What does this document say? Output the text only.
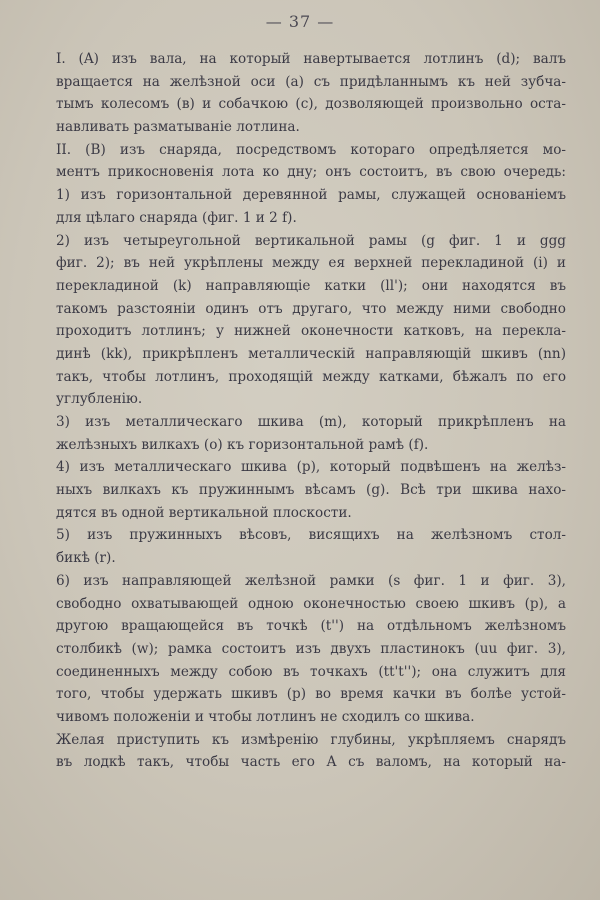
— 37 —
I. (A) изъ вала, на который навертывается лотлинъ (d); валъ
вращается на желѣзной оси (а) съ придѣланнымъ къ ней зубча-
тымъ колесомъ (в) и собачкою (с), дозволяющей произвольно оста-
навливать разматываніе лотлина.
II. (B) изъ снаряда, посредствомъ котораго опредѣляется мо-
ментъ прикосновенія лота ко дну; онъ состоитъ, въ свою очередь:
1) изъ горизонтальной деревянной рамы, служащей основаніемъ
для цѣлаго снаряда (фиг. 1 и 2 f).
2) изъ четыреугольной вертикальной рамы (g фиг. 1 и ggg
фиг. 2); въ ней укрѣплены между ея верхней перекладиной (i) и
перекладиной (k) направляющіе катки (ll'); они находятся въ
такомъ разстояніи одинъ отъ другаго, что между ними свободно
проходитъ лотлинъ; у нижней оконечности катковъ, на перекла-
динѣ (kk), прикрѣпленъ металлическій направляющій шкивъ (nn)
такъ, чтобы лотлинъ, проходящій между катками, бѣжалъ по его
углубленію.
3) изъ металлическаго шкива (m), который прикрѣпленъ на
желѣзныхъ вилкахъ (о) къ горизонтальной рамѣ (f).
4) изъ металлическаго шкива (р), который подвѣшенъ на желѣз-
ныхъ вилкахъ къ пружиннымъ вѣсамъ (g). Всѣ три шкива нахо-
дятся въ одной вертикальной плоскости.
5) изъ пружинныхъ вѣсовъ, висящихъ на желѣзномъ стол-
бикѣ (r).
6) изъ направляющей желѣзной рамки (s фиг. 1 и фиг. 3),
свободно охватывающей одною оконечностью своею шкивъ (р), а
другою вращающейся въ точкѣ (t'') на отдѣльномъ желѣзномъ
столбикѣ (w); рамка состоитъ изъ двухъ пластинокъ (uu фиг. 3),
соединенныхъ между собою въ точкахъ (tt't''); она служитъ для
того, чтобы удержать шкивъ (р) во время качки въ болѣе устой-
чивомъ положеніи и чтобы лотлинъ не сходилъ со шкива.
Желая приступить къ измѣренію глубины, укрѣпляемъ снарядъ
въ лодкѣ такъ, чтобы часть его А съ валомъ, на который на-
